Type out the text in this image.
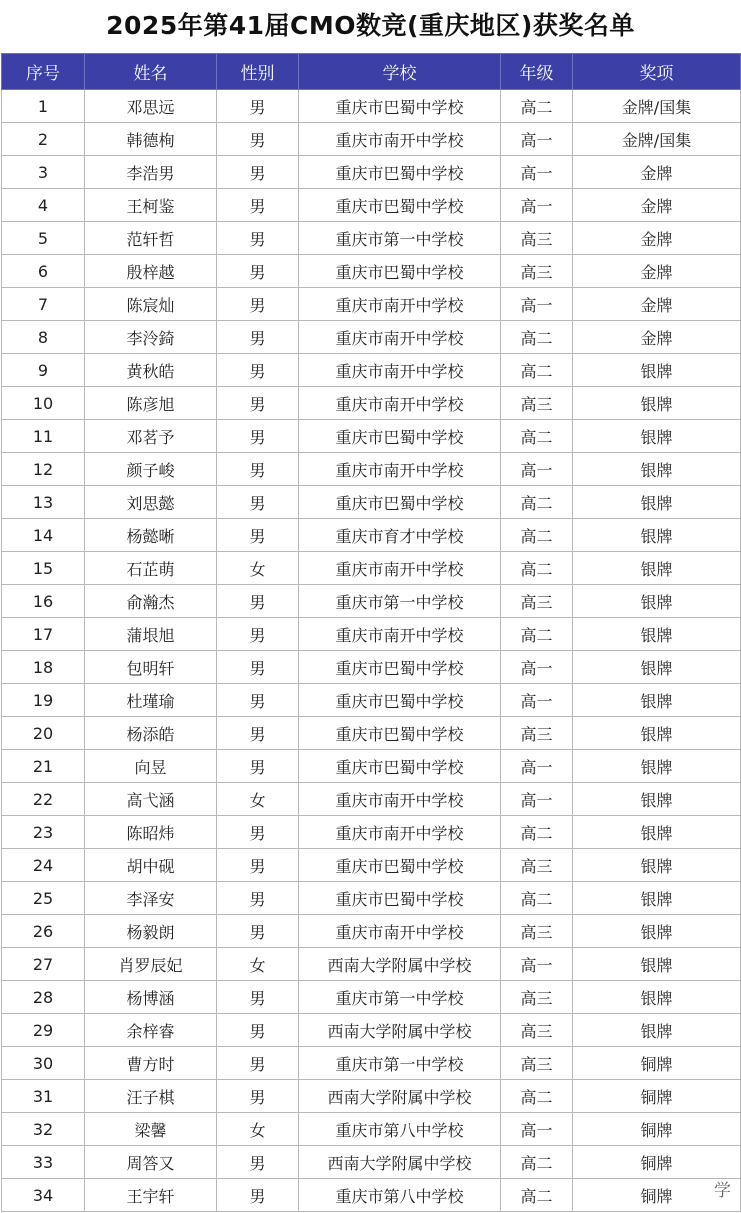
2025年第41届CMO数竞(重庆地区)获奖名单
序号	姓名	性别	学校	年级	奖项
1	邓思远	男	重庆市巴蜀中学校	高二	金牌/国集
2	韩德栒	男	重庆市南开中学校	高一	金牌/国集
3	李浩男	男	重庆市巴蜀中学校	高一	金牌
4	王柯鉴	男	重庆市巴蜀中学校	高一	金牌
5	范轩哲	男	重庆市第一中学校	高三	金牌
6	殷梓越	男	重庆市巴蜀中学校	高三	金牌
7	陈宸灿	男	重庆市南开中学校	高一	金牌
8	李泠錡	男	重庆市南开中学校	高二	金牌
9	黄秋皓	男	重庆市南开中学校	高二	银牌
10	陈彦旭	男	重庆市南开中学校	高三	银牌
11	邓茗予	男	重庆市巴蜀中学校	高二	银牌
12	颜子峻	男	重庆市南开中学校	高一	银牌
13	刘思懿	男	重庆市巴蜀中学校	高二	银牌
14	杨懿晰	男	重庆市育才中学校	高二	银牌
15	石芷萌	女	重庆市南开中学校	高二	银牌
16	俞瀚杰	男	重庆市第一中学校	高三	银牌
17	蒲垠旭	男	重庆市南开中学校	高二	银牌
18	包明轩	男	重庆市巴蜀中学校	高一	银牌
19	杜瑾瑜	男	重庆市巴蜀中学校	高一	银牌
20	杨添皓	男	重庆市巴蜀中学校	高三	银牌
21	向昱	男	重庆市巴蜀中学校	高一	银牌
22	高弋涵	女	重庆市南开中学校	高一	银牌
23	陈昭炜	男	重庆市南开中学校	高二	银牌
24	胡中砚	男	重庆市巴蜀中学校	高三	银牌
25	李泽安	男	重庆市巴蜀中学校	高二	银牌
26	杨毅朗	男	重庆市南开中学校	高三	银牌
27	肖罗辰妃	女	西南大学附属中学校	高一	银牌
28	杨博涵	男	重庆市第一中学校	高三	银牌
29	余梓睿	男	西南大学附属中学校	高三	银牌
30	曹方时	男	重庆市第一中学校	高三	铜牌
31	汪子棋	男	西南大学附属中学校	高二	铜牌
32	梁馨	女	重庆市第八中学校	高一	铜牌
33	周答又	男	西南大学附属中学校	高二	铜牌
34	王宇轩	男	重庆市第八中学校	高二	铜牌 学
